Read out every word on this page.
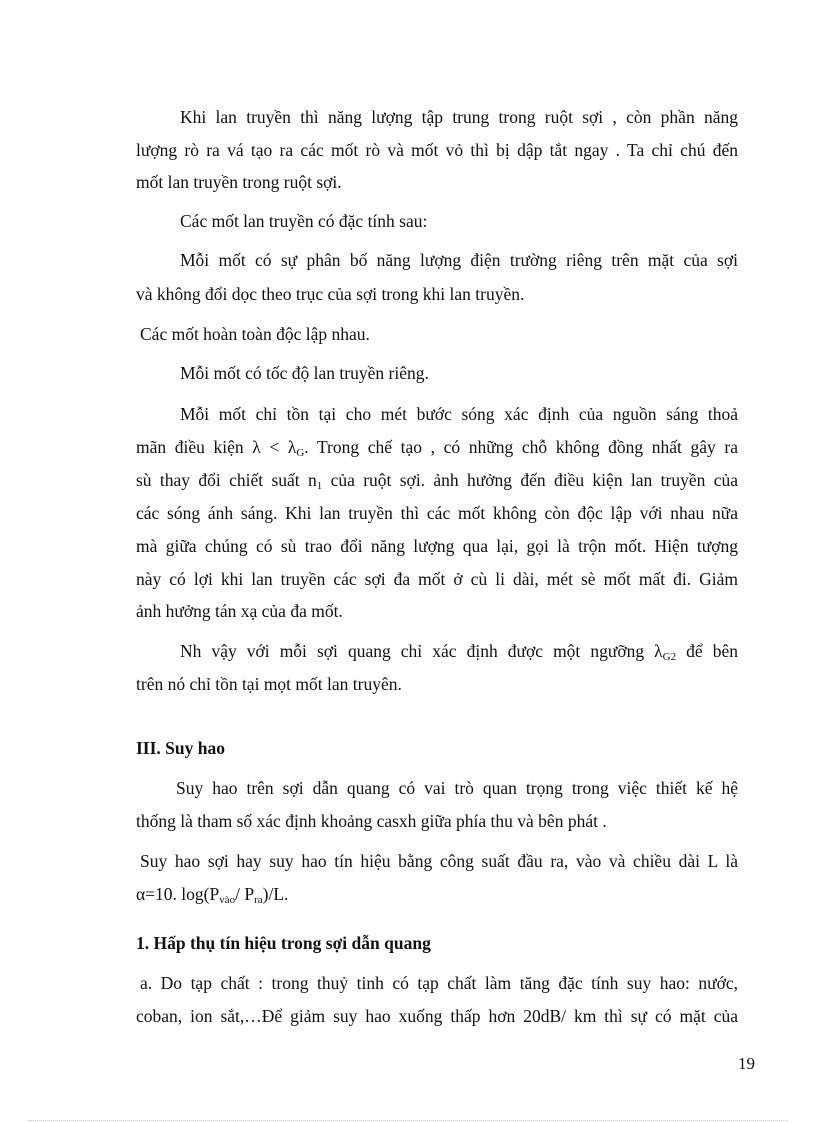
Khi lan truyền thì năng lượng tập trung trong ruột sợi , còn phần năng
lượng rò ra vá tạo ra các mốt rò và mốt vỏ thì bị dập tắt ngay . Ta chỉ chú đến
mốt lan truyền trong ruột sợi.
Các mốt lan truyền có đặc tính sau:
Mỗi mốt có sự phân bố năng lượng điện trường riêng trên mặt của sợi
và không đổi dọc theo trục của sợi trong khi lan truyền.
Các mốt hoàn toàn độc lập nhau.
Mỗi mốt có tốc độ lan truyền riêng.
Mỗi mốt chỉ tồn tại cho mét bước sóng xác định của nguồn sáng thoả
mãn điều kiện $\lambda < \lambda_G$. Trong chế tạo , có những chỗ không đồng nhất gây ra
sù thay đổi chiết suất $n_1$ của ruột sợi. ảnh hưởng đến điều kiện lan truyền của
các sóng ánh sáng. Khi lan truyền thì các mốt không còn độc lập với nhau nữa
mà giữa chúng có sù trao đổi năng lượng qua lại, gọi là trộn mốt. Hiện tượng
này có lợi khi lan truyền các sợi đa mốt ở cù li dài, mét sè mốt mất đi. Giảm
ảnh hưởng tán xạ của đa mốt.
Nh vậy với mỗi sợi quang chỉ xác định được một ngưỡng $\lambda_{G2}$ để bên
trên nó chỉ tồn tại mọt mốt lan truyên.
III. Suy hao
Suy hao trên sợi dẫn quang có vai trò quan trọng trong việc thiết kế hệ
thống là tham số xác định khoảng casxh giữa phía thu và bên phát .
Suy hao sợi hay suy hao tín hiệu bằng công suất đầu ra, vào và chiều dài L là
α=10. $\log(P_{vào}/$ $P_{ra})/L$.
1. Hấp thụ tín hiệu trong sợi dẫn quang
a. Do tạp chất : trong thuỷ tinh có tạp chất làm tăng đặc tính suy hao: nước,
coban, ion sắt,…Để giảm suy hao xuống thấp hơn 20dB/ km thì sự có mặt của
19
